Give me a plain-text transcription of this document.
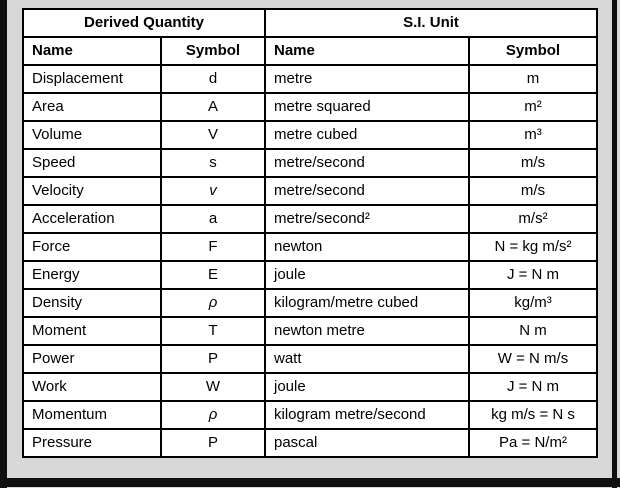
Derived Quantity		S.I. Unit	
Name	Symbol	Name	Symbol
Displacement	d	metre	m
Area	A	metre squared	m²
Volume	V	metre cubed	m³
Speed	s	metre/second	m/s
Velocity	v	metre/second	m/s
Acceleration	a	metre/second²	m/s²
Force	F	newton	N = kg m/s²
Energy	E	joule	J = N m
Density	ρ	kilogram/metre cubed	kg/m³
Moment	T	newton metre	N m
Power	P	watt	W = N m/s
Work	W	joule	J = N m
Momentum	ρ	kilogram metre/second	kg m/s = N s
Pressure	P	pascal	Pa = N/m²
